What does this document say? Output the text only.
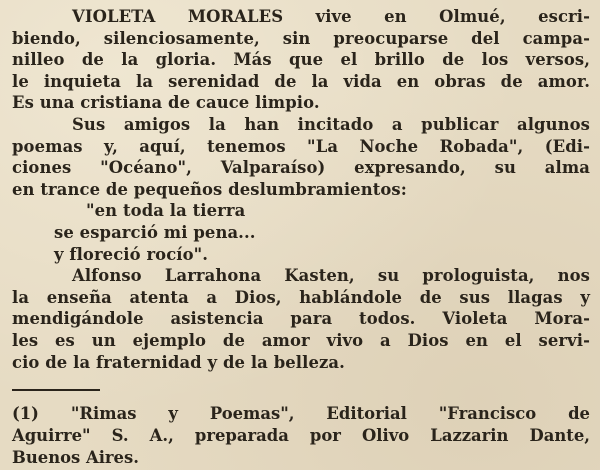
VIOLETA MORALES vive en Olmué, escri-
biendo, silenciosamente, sin preocuparse del campa-
nilleo de la gloria. Más que el brillo de los versos,
le inquieta la serenidad de la vida en obras de amor.
Es una cristiana de cauce limpio.
Sus amigos la han incitado a publicar algunos
poemas y, aquí, tenemos "La Noche Robada", (Edi-
ciones "Océano", Valparaíso) expresando, su alma
en trance de pequeños deslumbramientos:
"en toda la tierra
se esparció mi pena...
y floreció rocío".
Alfonso Larrahona Kasten, su prologuista, nos
la enseña atenta a Dios, hablándole de sus llagas y
mendigándole asistencia para todos. Violeta Mora-
les es un ejemplo de amor vivo a Dios en el servi-
cio de la fraternidad y de la belleza.
(1) "Rimas y Poemas", Editorial "Francisco de
Aguirre" S. A., preparada por Olivo Lazzarin Dante,
Buenos Aires.
